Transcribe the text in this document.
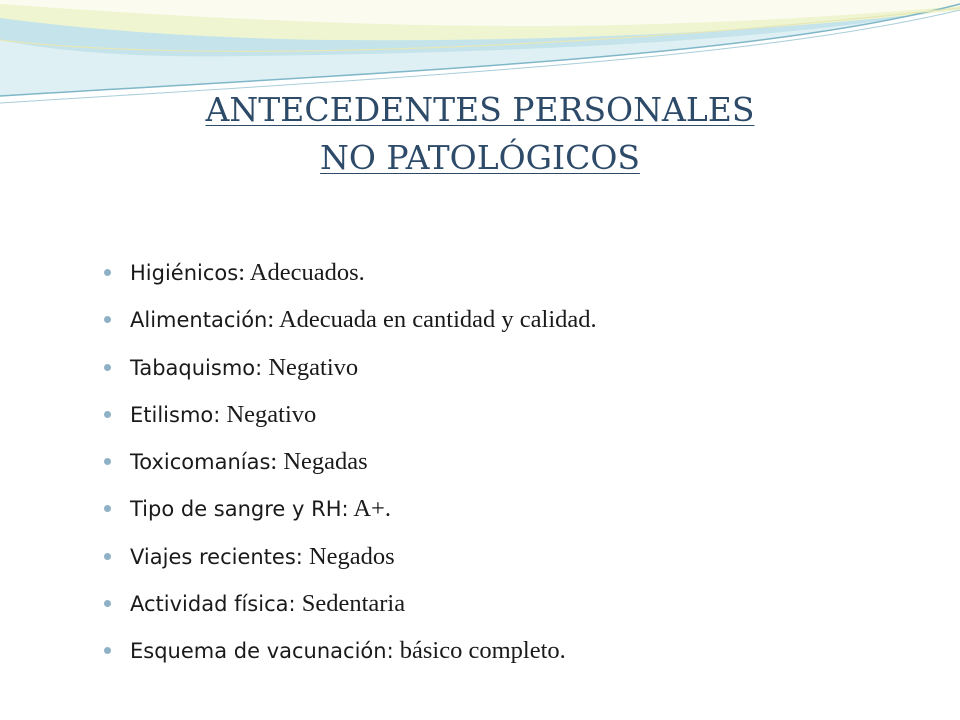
ANTECEDENTES PERSONALES
NO PATOLÓGICOS
Higiénicos: Adecuados.
Alimentación: Adecuada en cantidad y calidad.
Tabaquismo: Negativo
Etilismo: Negativo
Toxicomanías: Negadas
Tipo de sangre y RH: A+.
Viajes recientes: Negados
Actividad física: Sedentaria
Esquema de vacunación: básico completo.
